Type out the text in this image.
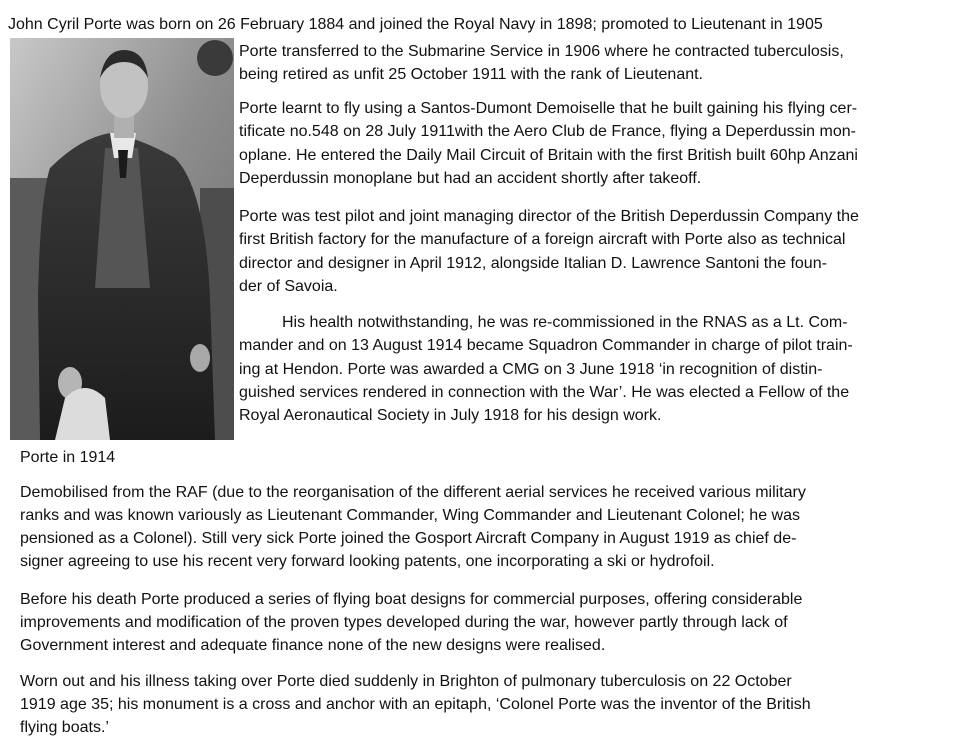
John Cyril Porte was born on 26 February 1884 and joined the Royal Navy in 1898; promoted to Lieutenant in 1905

Porte transferred to the Submarine Service in 1906 where he contracted tuberculosis,

being retired as unfit 25 October 1911 with the rank of Lieutenant.

Porte learnt to fly using a Santos-Dumont Demoiselle that he built gaining his flying cer-

tificate no.548 on 28 July 1911with the Aero Club de France, flying a Deperdussin mon-

oplane. He entered the Daily Mail Circuit of Britain with the first British built 60hp Anzani

Deperdussin monoplane but had an accident shortly after takeoff.

Porte was test pilot and joint managing director of the British Deperdussin Company the

first British factory for the manufacture of a foreign aircraft with Porte also as technical

director and designer in April 1912, alongside Italian D. Lawrence Santoni the foun-

der of Savoia.

His health notwithstanding, he was re-commissioned in the RNAS as a Lt. Com-

mander and on 13 August 1914 became Squadron Commander in charge of pilot train-

ing at Hendon. Porte was awarded a CMG on 3 June 1918 ‘in recognition of distin-

guished services rendered in connection with the War’. He was elected a Fellow of the

Royal Aeronautical Society in July 1918 for his design work.

Porte in 1914

Demobilised from the RAF (due to the reorganisation of the different aerial services he received various military

ranks and was known variously as Lieutenant Commander, Wing Commander and Lieutenant Colonel; he was

pensioned as a Colonel). Still very sick Porte joined the Gosport Aircraft Company in August 1919 as chief de-

signer agreeing to use his recent very forward looking patents, one incorporating a ski or hydrofoil.

Before his death Porte produced a series of flying boat designs for commercial purposes, offering considerable

improvements and modification of the proven types developed during the war, however partly through lack of

Government interest and adequate finance none of the new designs were realised.

Worn out and his illness taking over Porte died suddenly in Brighton of pulmonary tuberculosis on 22 October

1919 age 35; his monument is a cross and anchor with an epitaph, ‘Colonel Porte was the inventor of the British

flying boats.’
